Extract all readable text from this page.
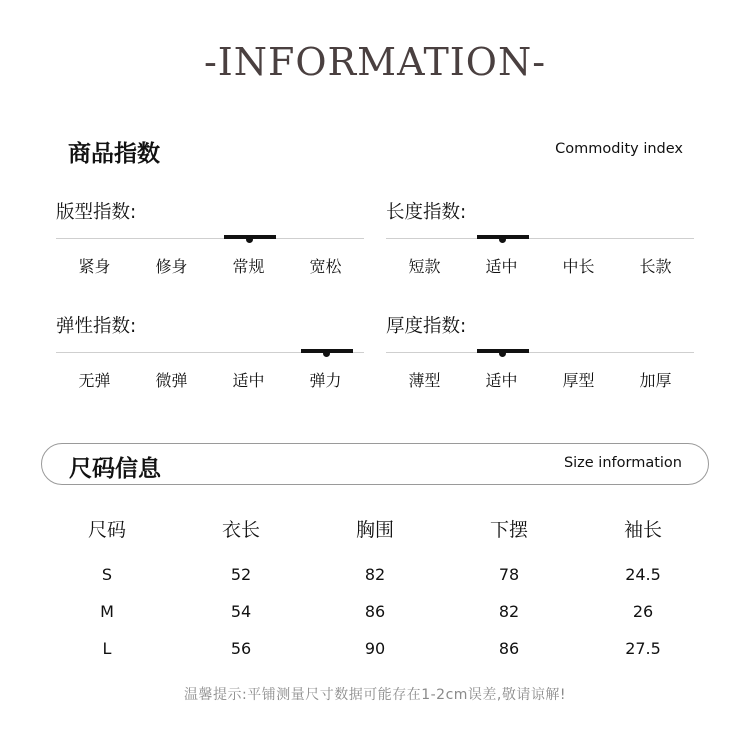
-INFORMATION-
商品指数	Commodity index
版型指数:
紧身	修身	常规	宽松
长度指数:
短款	适中	中长	长款
弹性指数:
无弹	微弹	适中	弹力
厚度指数:
薄型	适中	厚型	加厚
尺码信息	Size information
尺码	衣长	胸围	下摆	袖长
S	52	82	78	24.5
M	54	86	82	26
L	56	90	86	27.5
温馨提示:平铺测量尺寸数据可能存在1-2cm误差,敬请谅解!
